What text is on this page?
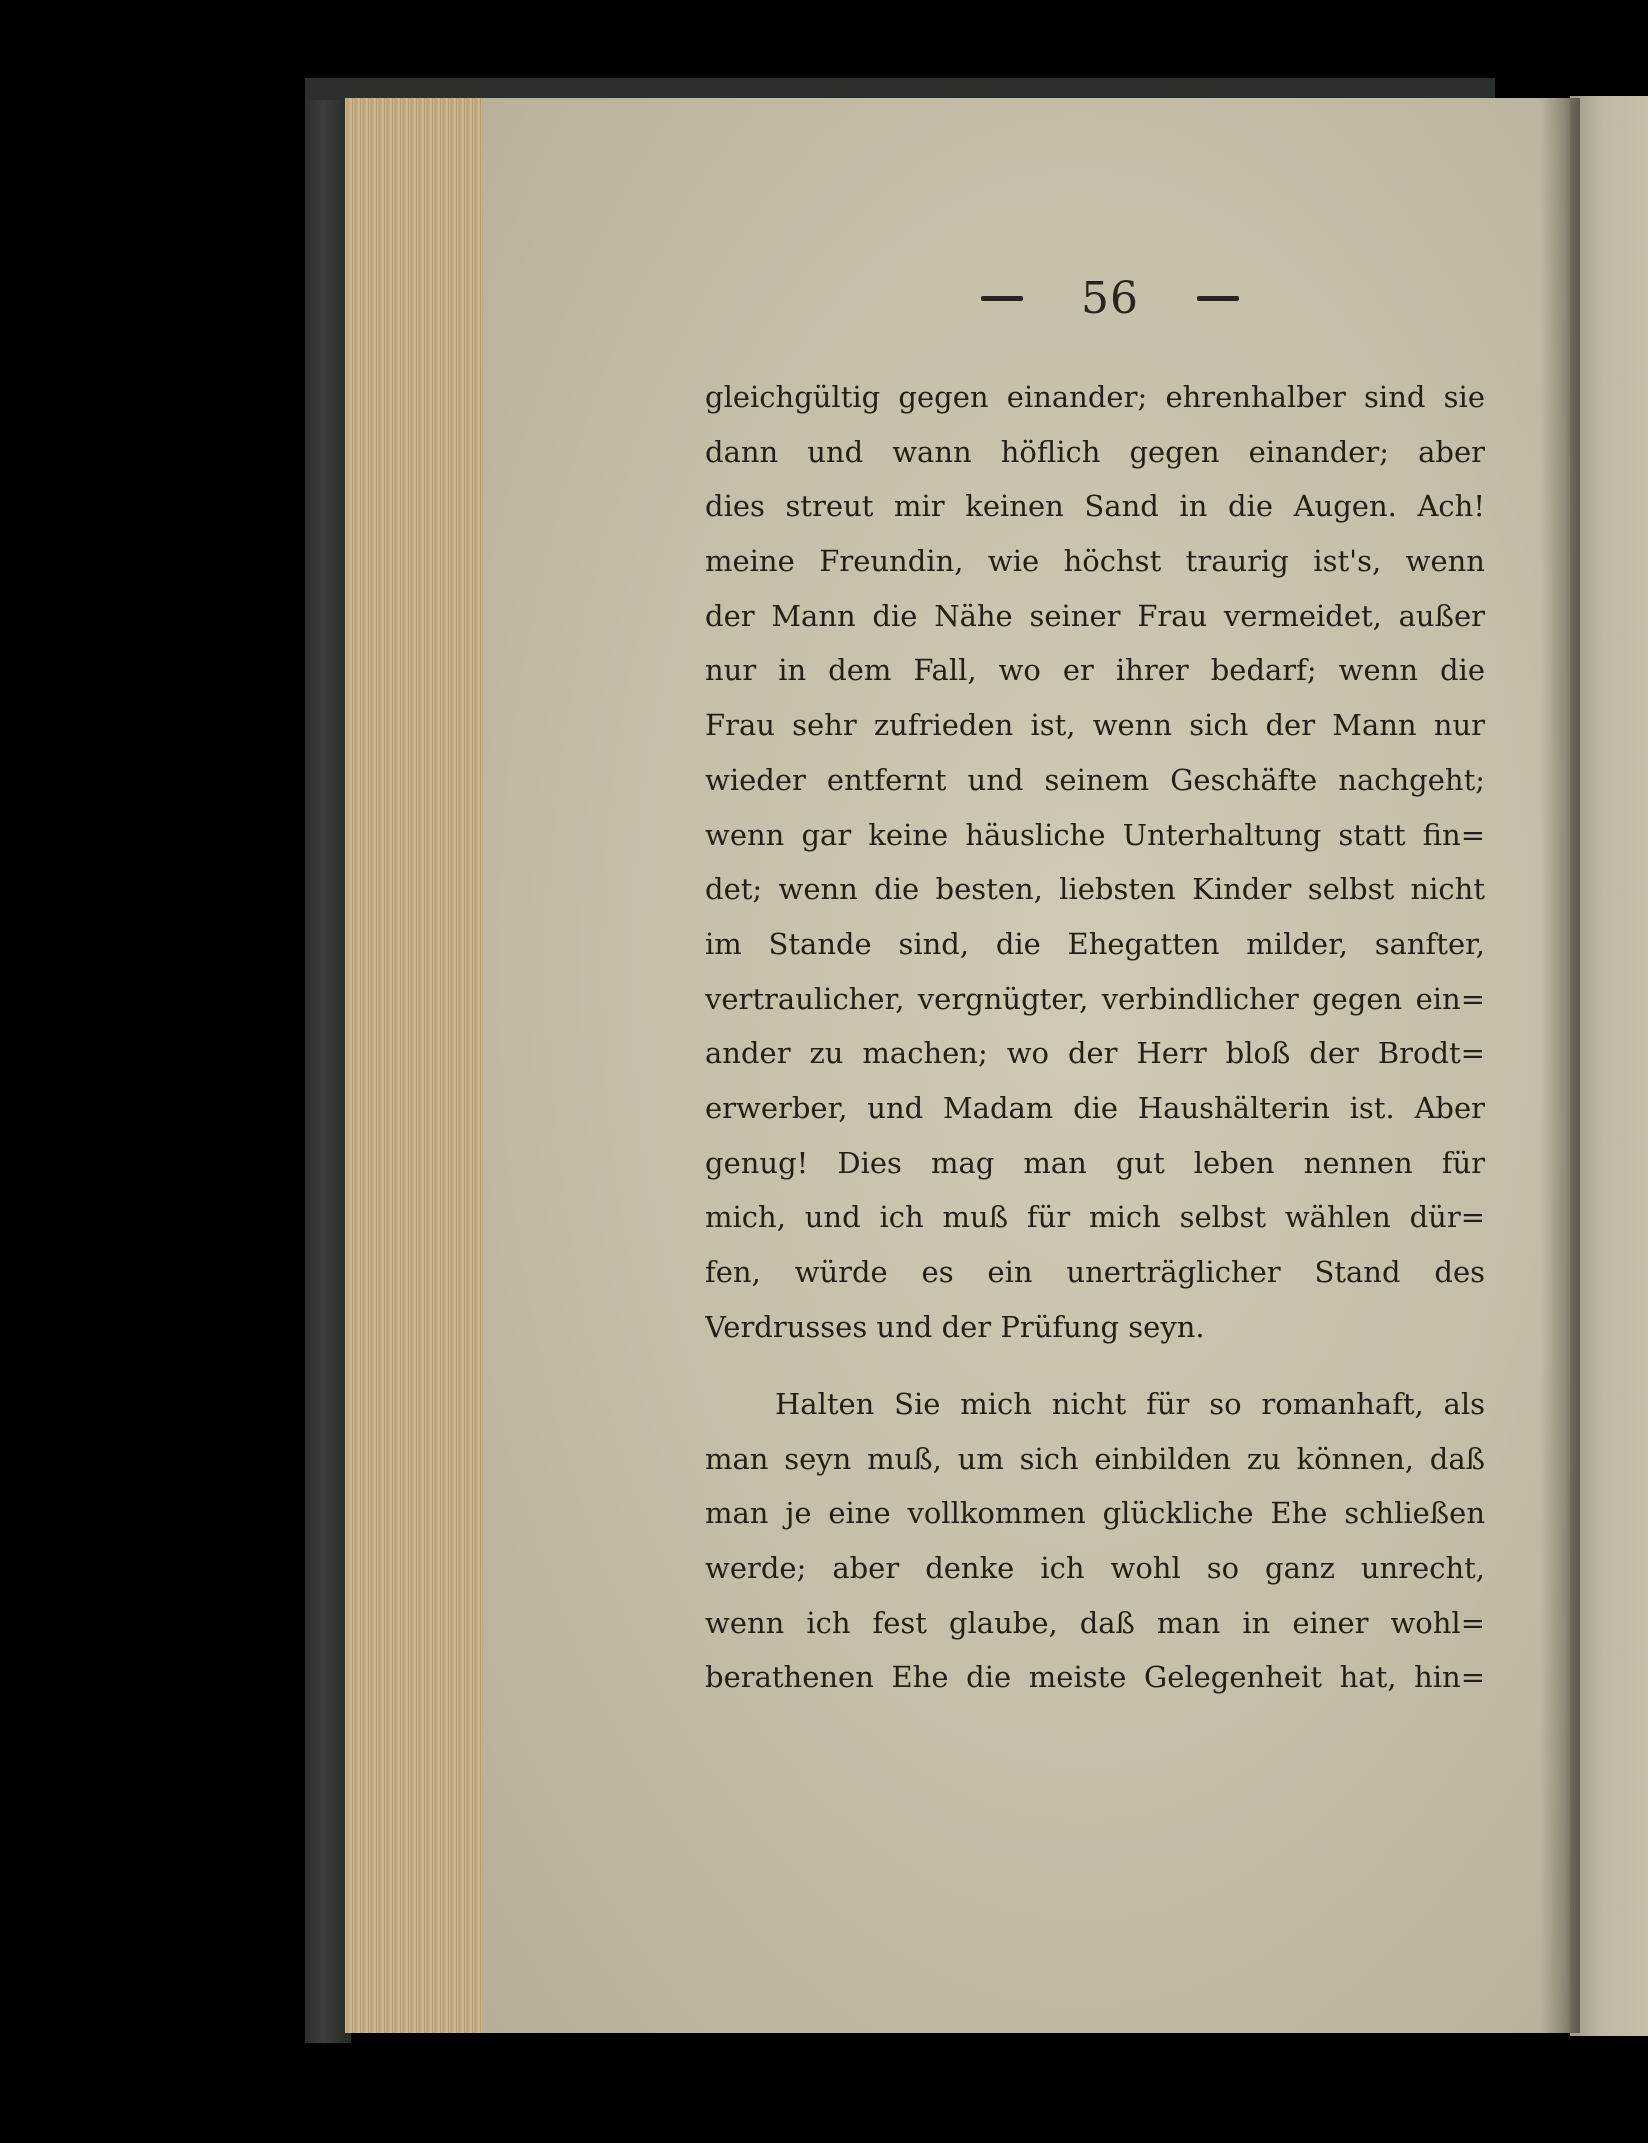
56
gleichgültig gegen einander; ehrenhalber sind sie
dann und wann höflich gegen einander; aber
dies streut mir keinen Sand in die Augen. Ach!
meine Freundin, wie höchst traurig ist's, wenn
der Mann die Nähe seiner Frau vermeidet, außer
nur in dem Fall, wo er ihrer bedarf; wenn die
Frau sehr zufrieden ist, wenn sich der Mann nur
wieder entfernt und seinem Geschäfte nachgeht;
wenn gar keine häusliche Unterhaltung statt fin=
det; wenn die besten, liebsten Kinder selbst nicht
im Stande sind, die Ehegatten milder, sanfter,
vertraulicher, vergnügter, verbindlicher gegen ein=
ander zu machen; wo der Herr bloß der Brodt=
erwerber, und Madam die Haushälterin ist. Aber
genug! Dies mag man gut leben nennen für
mich, und ich muß für mich selbst wählen dür=
fen, würde es ein unerträglicher Stand des
Verdrusses und der Prüfung seyn.
Halten Sie mich nicht für so romanhaft, als
man seyn muß, um sich einbilden zu können, daß
man je eine vollkommen glückliche Ehe schließen
werde; aber denke ich wohl so ganz unrecht,
wenn ich fest glaube, daß man in einer wohl=
berathenen Ehe die meiste Gelegenheit hat, hin=
